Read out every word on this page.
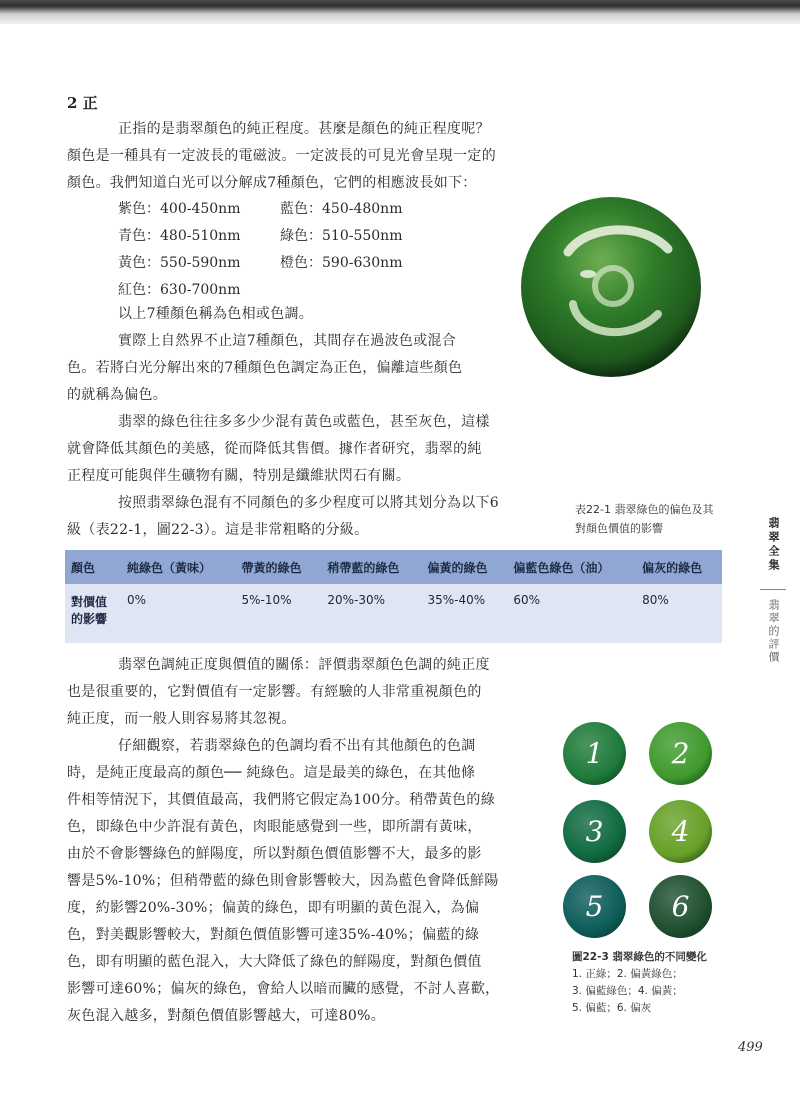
2 正
正指的是翡翠顏色的純正程度。甚麼是顏色的純正程度呢？
顏色是一種具有一定波長的電磁波。一定波長的可見光會呈現一定的
顏色。我們知道白光可以分解成7種顏色，它們的相應波長如下：
紫色：400-450nm	藍色：450-480nm
青色：480-510nm	綠色：510-550nm
黃色：550-590nm	橙色：590-630nm
紅色：630-700nm
以上7種顏色稱為色相或色調。
實際上自然界不止這7種顏色，其間存在過波色或混合
色。若將白光分解出來的7種顏色色調定為正色，偏離這些顏色
的就稱為偏色。
翡翠的綠色往往多多少少混有黃色或藍色，甚至灰色，這樣
就會降低其顏色的美感，從而降低其售價。據作者研究，翡翠的純
正程度可能與伴生礦物有關，特別是纖維狀閃石有關。
按照翡翠綠色混有不同顏色的多少程度可以將其划分為以下6
級（表22-1，圖22-3）。這是非常粗略的分級。
表22-1 翡翠綠色的偏色及其
對顏色價值的影響
顏色	純綠色（黃味）	帶黃的綠色	稍帶藍的綠色	偏黃的綠色	偏藍色綠色（油）	偏灰的綠色
對價值的影響	0%	5%-10%	20%-30%	35%-40%	60%	80%
翡翠全集
翡翠的評價
翡翠色調純正度與價值的關係：評價翡翠顏色色調的純正度
也是很重要的，它對價值有一定影響。有經驗的人非常重視顏色的
純正度，而一般人則容易將其忽視。
仔細觀察，若翡翠綠色的色調均看不出有其他顏色的色調
時，是純正度最高的顏色── 純綠色。這是最美的綠色，在其他條
件相等情況下，其價值最高，我們將它假定為100分。稍帶黃色的綠
色，即綠色中少許混有黃色，肉眼能感覺到一些，即所謂有黃味，
由於不會影響綠色的鮮陽度，所以對顏色價值影響不大，最多的影
響是5%-10%；但稍帶藍的綠色則會影響較大，因為藍色會降低鮮陽
度，約影響20%-30%；偏黃的綠色，即有明顯的黃色混入，為偏
色，對美觀影響較大，對顏色價值影響可達35%-40%；偏藍的綠
色，即有明顯的藍色混入，大大降低了綠色的鮮陽度，對顏色價值
影響可達60%；偏灰的綠色，會給人以暗而臟的感覺，不討人喜歡，
灰色混入越多，對顏色價值影響越大，可達80%。
1 2
3 4
5 6
圖22-3 翡翠綠色的不同變化
1. 正綠；2. 偏黃綠色；
3. 偏藍綠色；4. 偏黃；
5. 偏藍；6. 偏灰
499
